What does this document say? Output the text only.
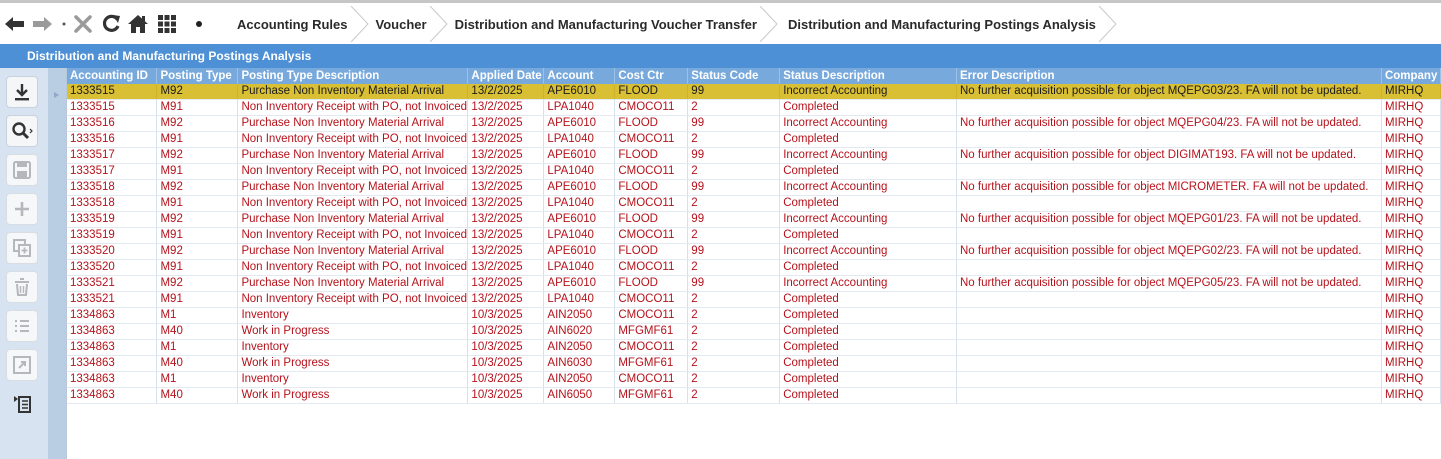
Accounting Rules Voucher Distribution and Manufacturing Voucher Transfer Distribution and Manufacturing Postings Analysis
Distribution and Manufacturing Postings Analysis
Accounting ID	Posting Type	Posting Type Description	Applied Date	Account	Cost Ctr	Status Code	Status Description	Error Description	Company
1333515	M92	Purchase Non Inventory Material Arrival	13/2/2025	APE6010	FLOOD	99	Incorrect Accounting	No further acquisition possible for object MQEPG03/23. FA will not be updated.	MIRHQ
1333515	M91	Non Inventory Receipt with PO, not Invoiced	13/2/2025	LPA1040	CMOCO11	2	Completed		MIRHQ
1333516	M92	Purchase Non Inventory Material Arrival	13/2/2025	APE6010	FLOOD	99	Incorrect Accounting	No further acquisition possible for object MQEPG04/23. FA will not be updated.	MIRHQ
1333516	M91	Non Inventory Receipt with PO, not Invoiced	13/2/2025	LPA1040	CMOCO11	2	Completed		MIRHQ
1333517	M92	Purchase Non Inventory Material Arrival	13/2/2025	APE6010	FLOOD	99	Incorrect Accounting	No further acquisition possible for object DIGIMAT193. FA will not be updated.	MIRHQ
1333517	M91	Non Inventory Receipt with PO, not Invoiced	13/2/2025	LPA1040	CMOCO11	2	Completed		MIRHQ
1333518	M92	Purchase Non Inventory Material Arrival	13/2/2025	APE6010	FLOOD	99	Incorrect Accounting	No further acquisition possible for object MICROMETER. FA will not be updated.	MIRHQ
1333518	M91	Non Inventory Receipt with PO, not Invoiced	13/2/2025	LPA1040	CMOCO11	2	Completed		MIRHQ
1333519	M92	Purchase Non Inventory Material Arrival	13/2/2025	APE6010	FLOOD	99	Incorrect Accounting	No further acquisition possible for object MQEPG01/23. FA will not be updated.	MIRHQ
1333519	M91	Non Inventory Receipt with PO, not Invoiced	13/2/2025	LPA1040	CMOCO11	2	Completed		MIRHQ
1333520	M92	Purchase Non Inventory Material Arrival	13/2/2025	APE6010	FLOOD	99	Incorrect Accounting	No further acquisition possible for object MQEPG02/23. FA will not be updated.	MIRHQ
1333520	M91	Non Inventory Receipt with PO, not Invoiced	13/2/2025	LPA1040	CMOCO11	2	Completed		MIRHQ
1333521	M92	Purchase Non Inventory Material Arrival	13/2/2025	APE6010	FLOOD	99	Incorrect Accounting	No further acquisition possible for object MQEPG05/23. FA will not be updated.	MIRHQ
1333521	M91	Non Inventory Receipt with PO, not Invoiced	13/2/2025	LPA1040	CMOCO11	2	Completed		MIRHQ
1334863	M1	Inventory	10/3/2025	AIN2050	CMOCO11	2	Completed		MIRHQ
1334863	M40	Work in Progress	10/3/2025	AIN6020	MFGMF61	2	Completed		MIRHQ
1334863	M1	Inventory	10/3/2025	AIN2050	CMOCO11	2	Completed		MIRHQ
1334863	M40	Work in Progress	10/3/2025	AIN6030	MFGMF61	2	Completed		MIRHQ
1334863	M1	Inventory	10/3/2025	AIN2050	CMOCO11	2	Completed		MIRHQ
1334863	M40	Work in Progress	10/3/2025	AIN6050	MFGMF61	2	Completed		MIRHQ
